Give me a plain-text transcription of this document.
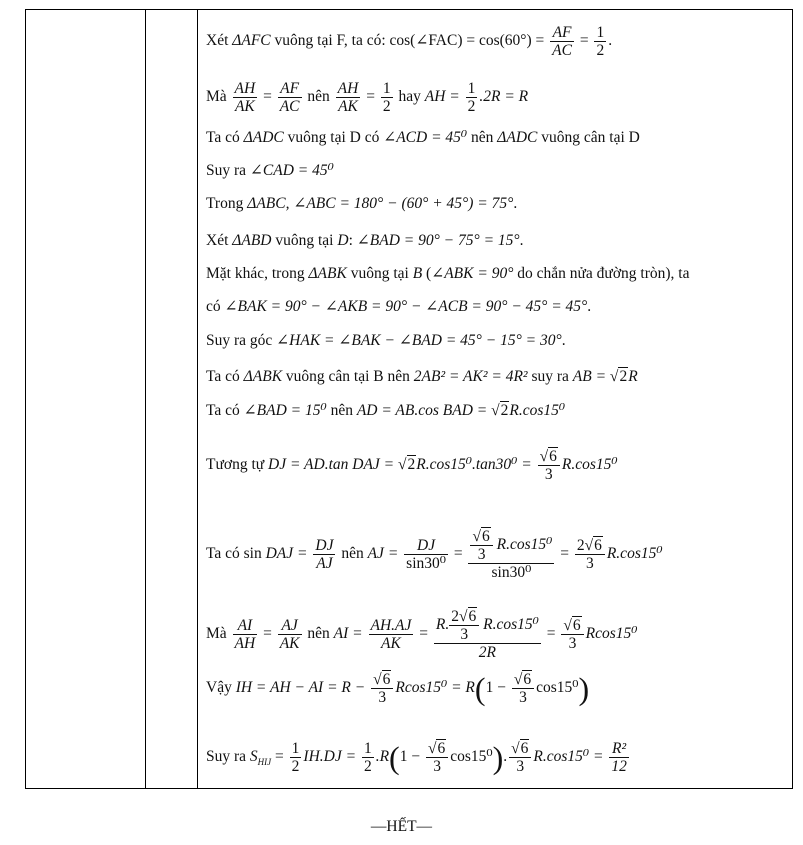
Xét ΔAFC vuông tại F, ta có: cos(∠FAC) = $\cos(60^\circ) = \frac{AF}{AC} = \frac{1}{2}$ .
Mà $\frac{AH}{AK} = \frac{AF}{AC}$ nên $\frac{AH}{AK} = \frac{1}{2}$ hay AH = $\frac{1}{2} .2R = R$
Ta có ΔADC vuông tại D có ∠ACD = 45⁰ nên ΔADC vuông cân tại D
Suy ra ∠CAD = 45⁰
Trong ΔABC, ∠ABC = 180° − (60° + 45°) = 75°.
Xét ΔABD vuông tại D: ∠BAD = 90° − 75° = 15°.
Mặt khác, trong ΔABK vuông tại B (∠ABK = 90° do chắn nửa đường tròn), ta
có ∠BAK = 90° − ∠AKB = 90° − ∠ACB = 90° − 45° = 45°.
Suy ra góc ∠HAK = ∠BAK − ∠BAD = 45° − 15° = 30°.
Ta có ΔABK vuông cân tại B nên 2AB² = AK² = 4R² suy ra AB = √2R
Ta có ∠BAD = 15⁰ nên AD = AB.cos BAD = √2R.cos15⁰
Tương tự DJ = AD.tan DAJ = $√2R.\cos 15^0.\tan 30^0 = \frac{√6}{3} R.\cos 15^0$
Ta có sin DAJ = $\frac{DJ}{AJ}$ nên AJ = $\frac{DJ}{\text{sin30⁰}} = \frac{\frac{√6}{3} R.\cos 15^0}{\text{sin30⁰}} = \frac{2√6}{3} R.\cos 15^0$
Mà $\frac{AI}{AH} = \frac{AJ}{AK}$ nên AI = $\frac{AH.AJ}{AK} = \frac{R. \frac{2√6}{3} R.\cos 15^0}{2R} = \frac{√6}{3} Rcos15^0$
Vậy IH = AH − AI = $R - \frac{√6}{3} Rcos15^0 = R(1 - \frac{√6}{3} \cos 15^0)$
Suy ra $S_{HIJ} = \frac{1}{2} IH.DJ = \frac{1}{2} .R(1 - \frac{√6}{3} \cos 15^0)$. $\frac{√6}{3} R.\cos 15^0 = \frac{\text{R²}}{12}$
—HẾT—
